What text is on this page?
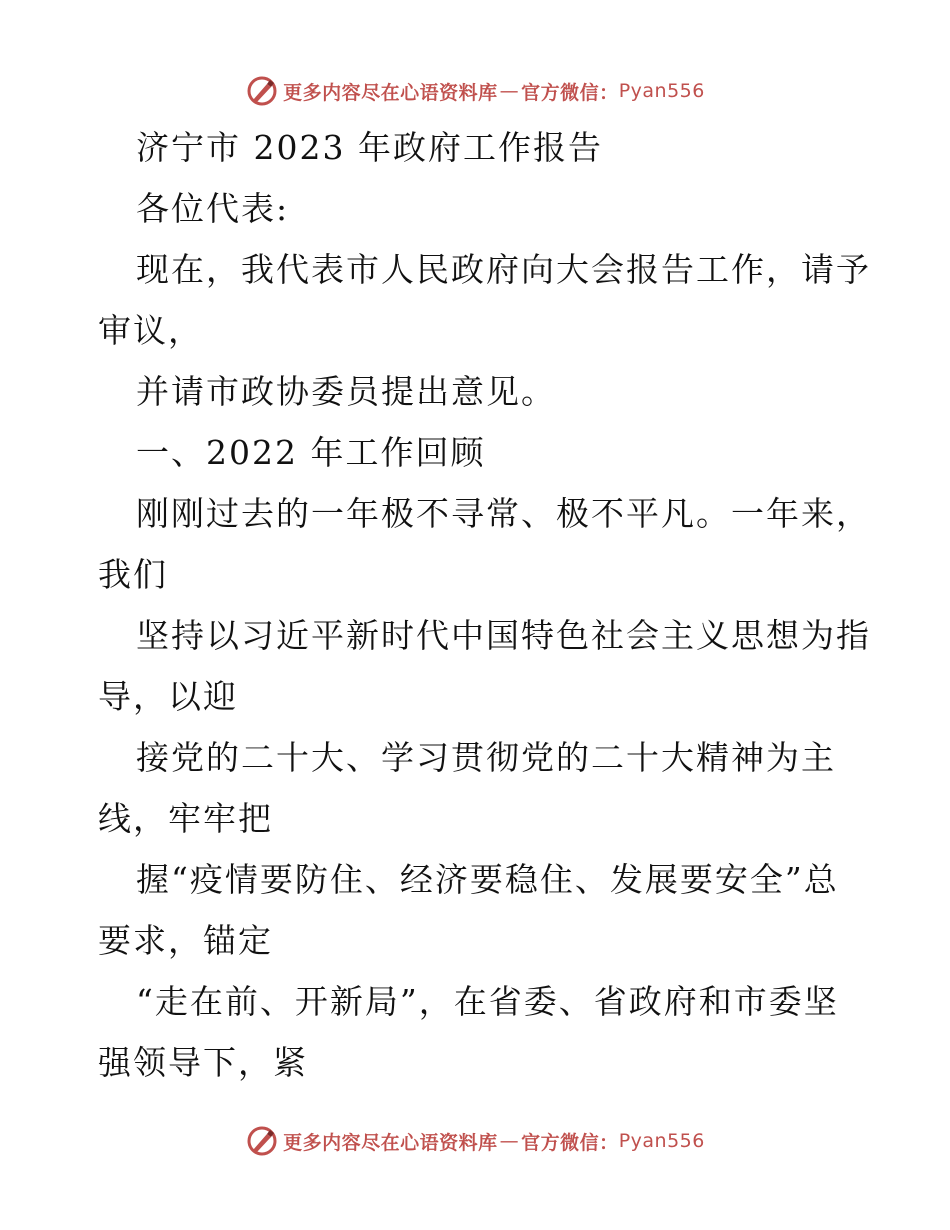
更多内容尽在心语资料库 — 官方微信： Pyan556

济宁市 2023 年政府工作报告

各位代表:

现在，我代表市人民政府向大会报告工作，请予

审议，

并请市政协委员提出意见。

一、2022 年工作回顾

刚刚过去的一年极不寻常、极不平凡。一年来，

我们

坚持以习近平新时代中国特色社会主义思想为指

导，以迎

接党的二十大、学习贯彻党的二十大精神为主

线，牢牢把

握“疫情要防住、经济要稳住、发展要安全”总

要求，锚定

“走在前、开新局”，在省委、省政府和市委坚

强领导下，紧

更多内容尽在心语资料库 — 官方微信： Pyan556
